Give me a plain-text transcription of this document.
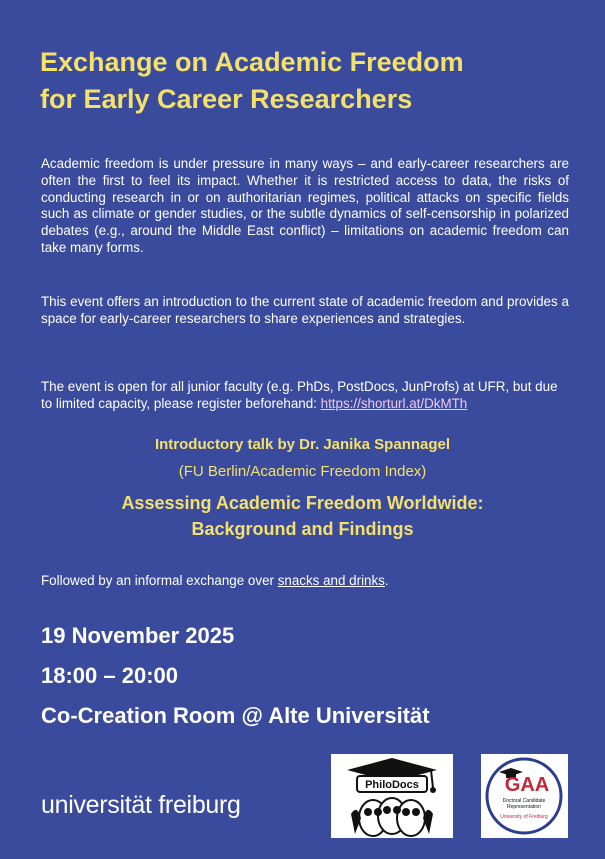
Exchange on Academic Freedom
for Early Career Researchers
Academic freedom is under pressure in many ways – and early-career researchers are often the first to feel its impact. Whether it is restricted access to data, the risks of conducting research in or on authoritarian regimes, political attacks on specific fields such as climate or gender studies, or the subtle dynamics of self-censorship in polarized debates (e.g., around the Middle East conflict) – limitations on academic freedom can take many forms.
This event offers an introduction to the current state of academic freedom and provides a space for early-career researchers to share experiences and strategies.
The event is open for all junior faculty (e.g. PhDs, PostDocs, JunProfs) at UFR, but due to limited capacity, please register beforehand: https://shorturl.at/DkMTh
Introductory talk by Dr. Janika Spannagel
(FU Berlin/Academic Freedom Index)
Assessing Academic Freedom Worldwide:
Background and Findings
Followed by an informal exchange over snacks and drinks.
19 November 2025
18:00 – 20:00
Co-Creation Room @ Alte Universität
universität freiburg
PhiloDocs	GAA
Doctoral Candidate
Representation
University of Freiburg
